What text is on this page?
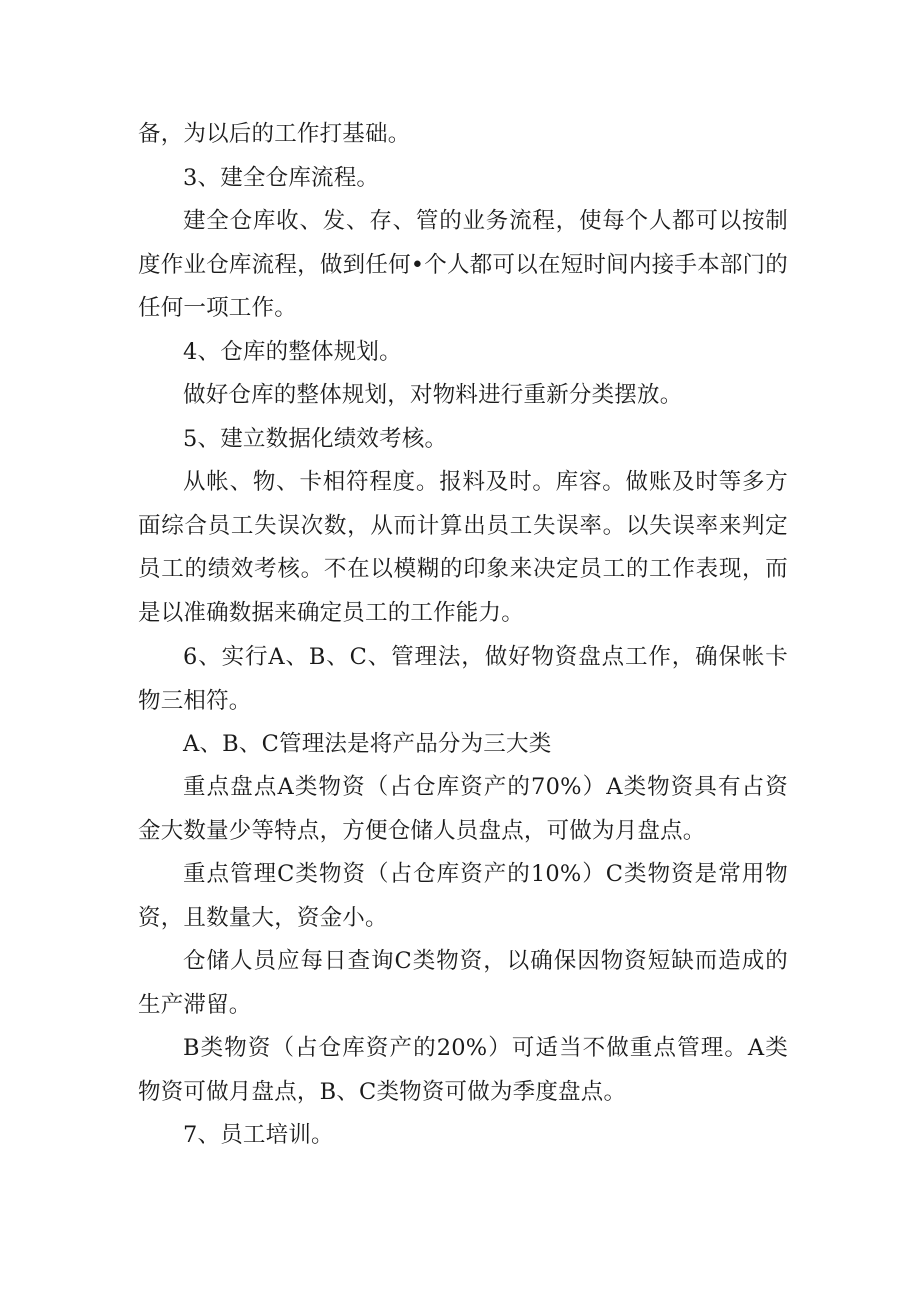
备，为以后的工作打基础。

3、建全仓库流程。

建全仓库收、发、存、管的业务流程，使每个人都可以按制度作业仓库流程，做到任何•个人都可以在短时间内接手本部门的任何一项工作。

4、仓库的整体规划。

做好仓库的整体规划，对物料进行重新分类摆放。

5、建立数据化绩效考核。

从帐、物、卡相符程度。报料及时。库容。做账及时等多方面综合员工失误次数，从而计算出员工失误率。以失误率来判定员工的绩效考核。不在以模糊的印象来决定员工的工作表现，而是以准确数据来确定员工的工作能力。

6、实行A、B、C、管理法，做好物资盘点工作，确保帐卡物三相符。

A、B、C管理法是将产品分为三大类

重点盘点A类物资（占仓库资产的70%）A类物资具有占资金大数量少等特点，方便仓储人员盘点，可做为月盘点。

重点管理C类物资（占仓库资产的10%）C类物资是常用物资，且数量大，资金小。

仓储人员应每日查询C类物资，以确保因物资短缺而造成的生产滞留。

B类物资（占仓库资产的20%）可适当不做重点管理。A类物资可做月盘点，B、C类物资可做为季度盘点。

7、员工培训。
